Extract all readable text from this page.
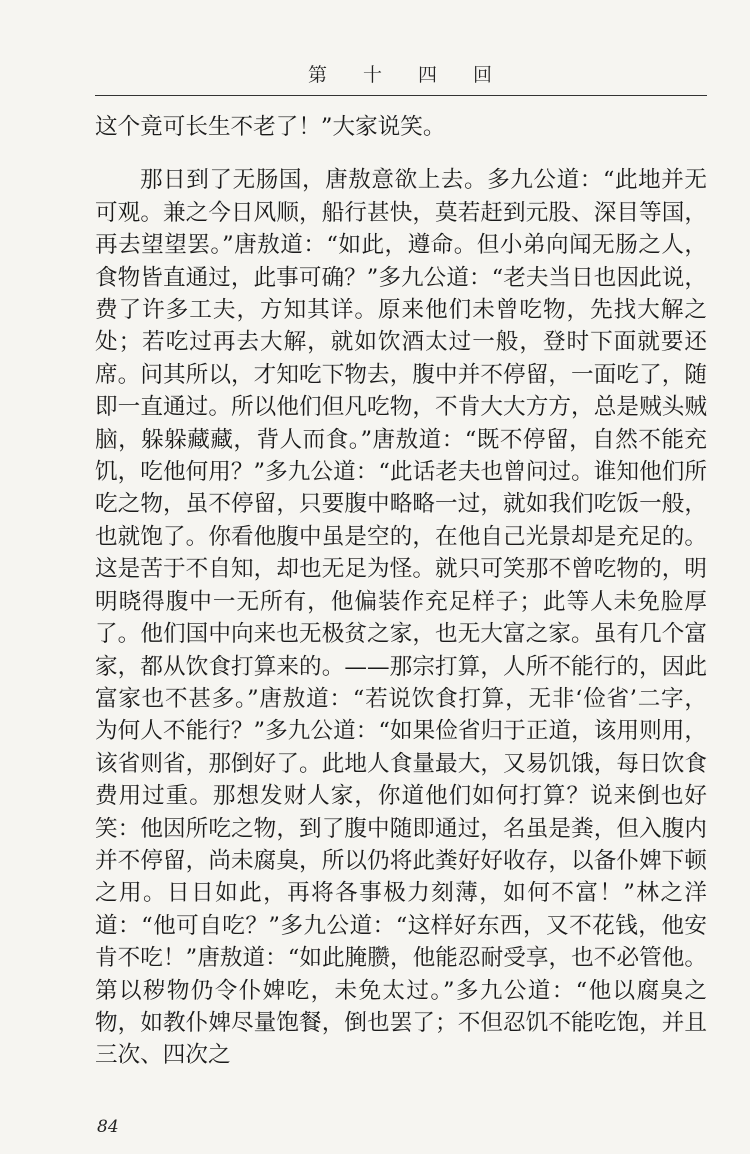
第 十 四 回

这个竟可长生不老了！”大家说笑。

那日到了无肠国，唐敖意欲上去。多九公道：“此地并无可观。兼之今日风顺，船行甚快，莫若赶到元股、深目等国，再去望望罢。”唐敖道：“如此，遵命。但小弟向闻无肠之人，食物皆直通过，此事可确？”多九公道：“老夫当日也因此说，费了许多工夫，方知其详。原来他们未曾吃物，先找大解之处；若吃过再去大解，就如饮酒太过一般，登时下面就要还席。问其所以，才知吃下物去，腹中并不停留，一面吃了，随即一直通过。所以他们但凡吃物，不肯大大方方，总是贼头贼脑，躲躲藏藏，背人而食。”唐敖道：“既不停留，自然不能充饥，吃他何用？”多九公道：“此话老夫也曾问过。谁知他们所吃之物，虽不停留，只要腹中略略一过，就如我们吃饭一般，也就饱了。你看他腹中虽是空的，在他自己光景却是充足的。这是苦于不自知，却也无足为怪。就只可笑那不曾吃物的，明明晓得腹中一无所有，他偏装作充足样子；此等人未免脸厚了。他们国中向来也无极贫之家，也无大富之家。虽有几个富家，都从饮食打算来的。——那宗打算，人所不能行的，因此富家也不甚多。”唐敖道：“若说饮食打算，无非‘俭省’二字，为何人不能行？”多九公道：“如果俭省归于正道，该用则用，该省则省，那倒好了。此地人食量最大，又易饥饿，每日饮食费用过重。那想发财人家，你道他们如何打算？说来倒也好笑：他因所吃之物，到了腹中随即通过，名虽是粪，但入腹内并不停留，尚未腐臭，所以仍将此粪好好收存，以备仆婢下顿之用。日日如此，再将各事极力刻薄，如何不富！”林之洋道：“他可自吃？”多九公道：“这样好东西，又不花钱，他安肯不吃！”唐敖道：“如此腌臜，他能忍耐受享，也不必管他。第以秽物仍令仆婢吃，未免太过。”多九公道：“他以腐臭之物，如教仆婢尽量饱餐，倒也罢了；不但忍饥不能吃饱，并且三次、四次之

84
